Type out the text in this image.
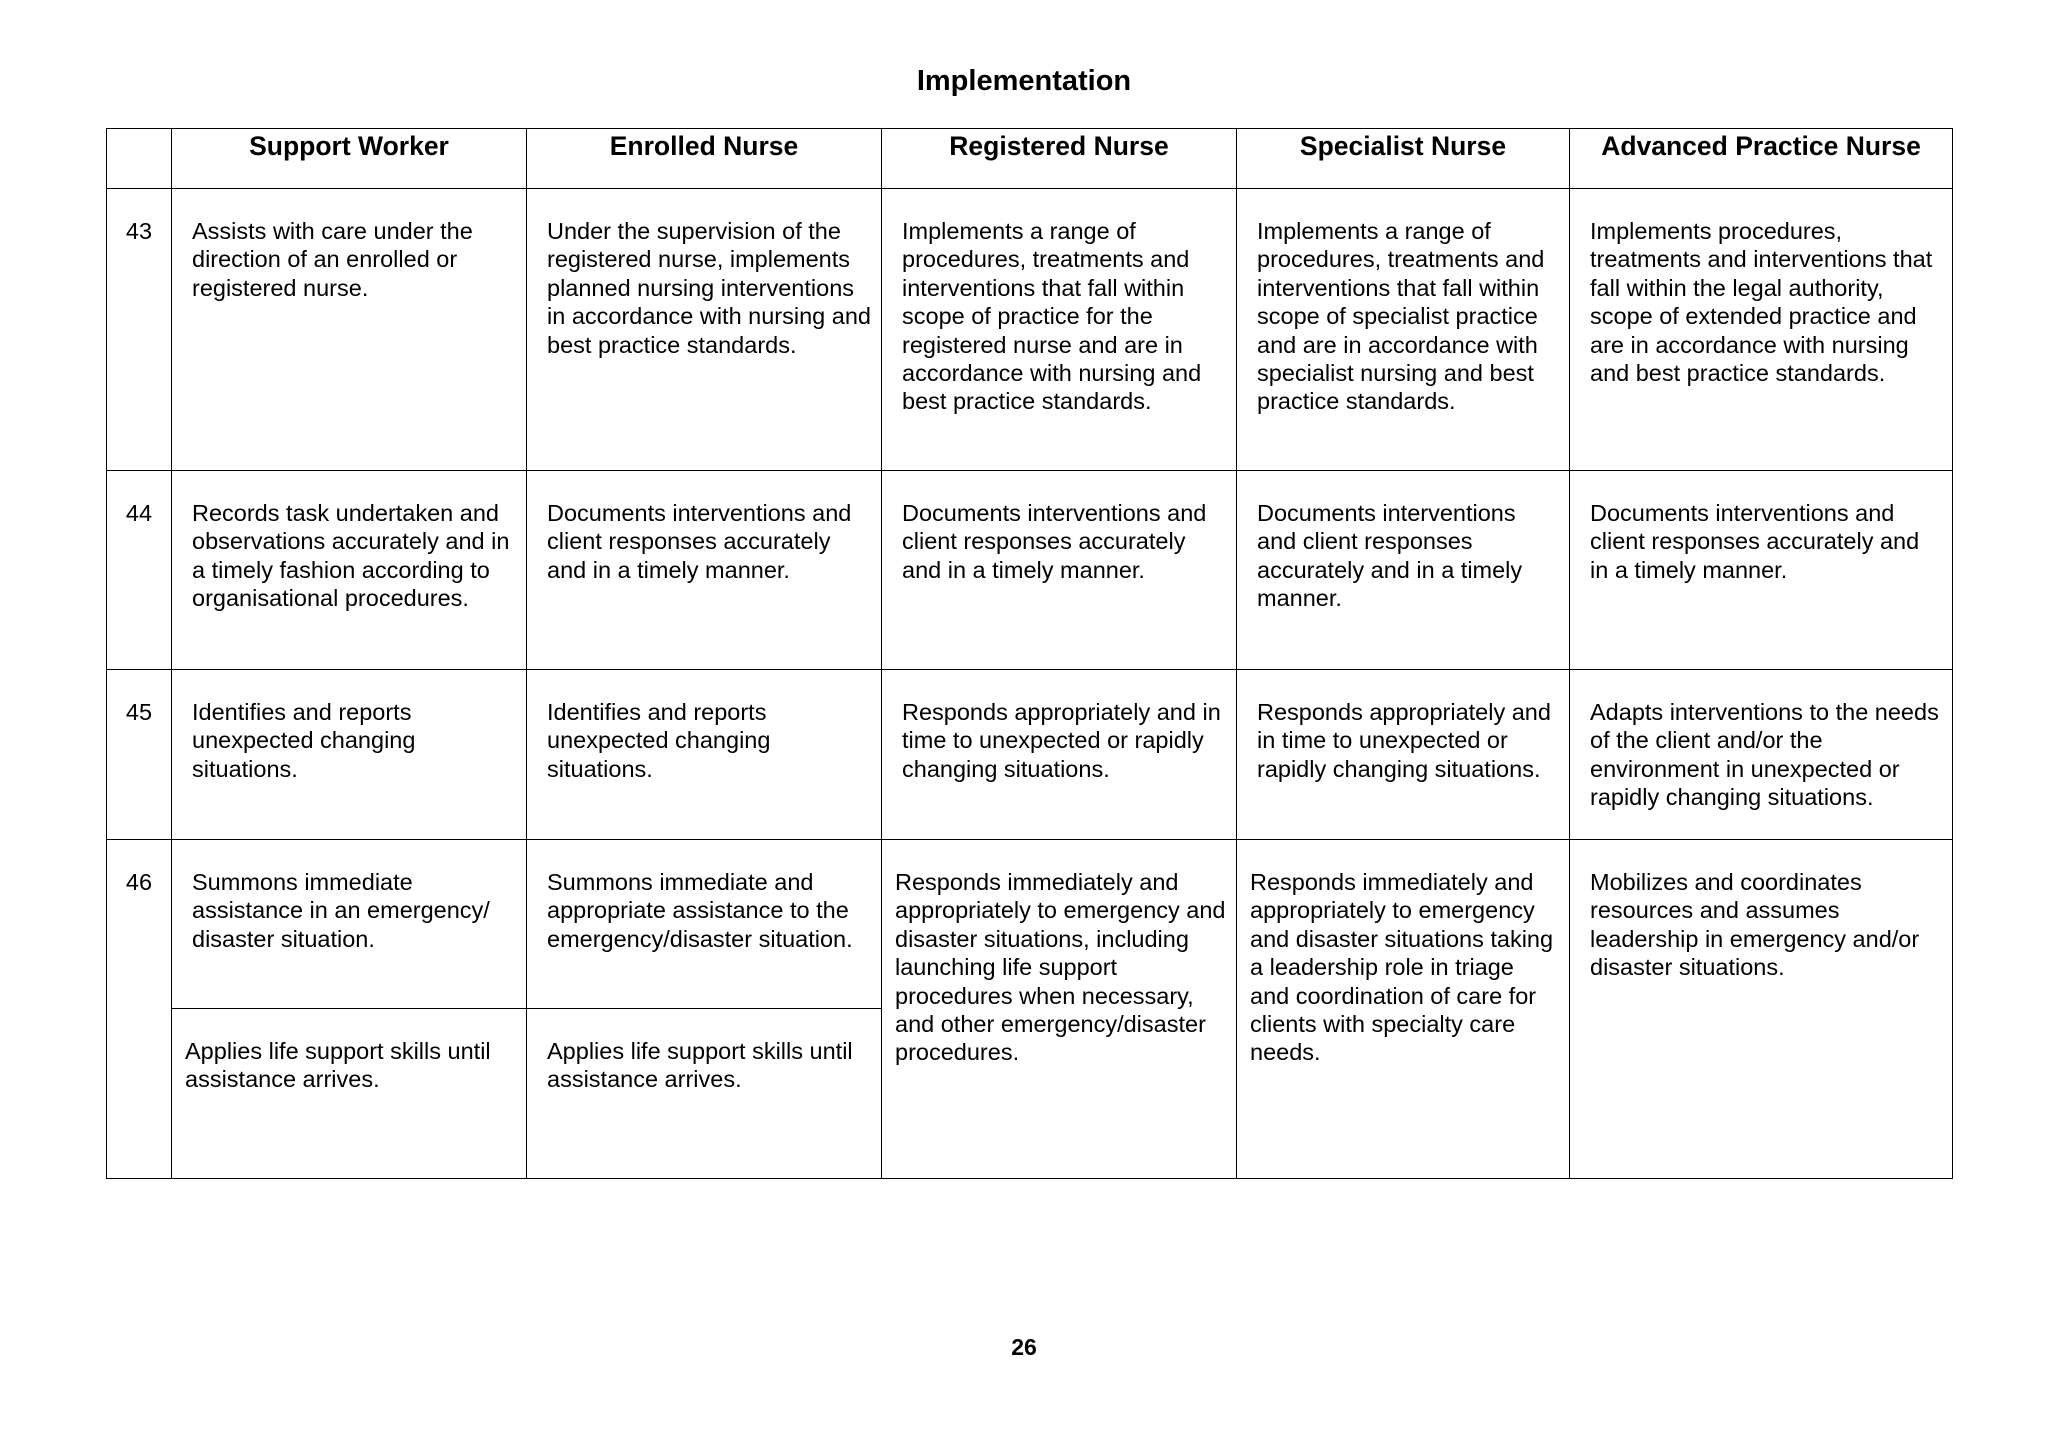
Implementation
	Support Worker	Enrolled Nurse	Registered Nurse	Specialist Nurse	Advanced Practice Nurse
43	Assists with care under the direction of an enrolled or registered nurse.	Under the supervision of the registered nurse, implements planned nursing interventions in accordance with nursing and best practice standards.	Implements a range of procedures, treatments and interventions that fall within scope of practice for the registered nurse and are in accordance with nursing and best practice standards.	Implements a range of procedures, treatments and interventions that fall within scope of specialist practice and are in accordance with specialist nursing and best practice standards.	Implements procedures, treatments and interventions that fall within the legal authority, scope of extended practice and are in accordance with nursing and best practice standards.
44	Records task undertaken and observations accurately and in a timely fashion according to organisational procedures.	Documents interventions and client responses accurately and in a timely manner.	Documents interventions and client responses accurately and in a timely manner.	Documents interventions and client responses accurately and in a timely manner.	Documents interventions and client responses accurately and in a timely manner.
45	Identifies and reports unexpected changing situations.	Identifies and reports unexpected changing situations.	Responds appropriately and in time to unexpected or rapidly changing situations.	Responds appropriately and in time to unexpected or rapidly changing situations.	Adapts interventions to the needs of the client and/or the environment in unexpected or rapidly changing situations.
46	Summons immediate assistance in an emergency/ disaster situation.	Summons immediate and appropriate assistance to the emergency/disaster situation.	Responds immediately and appropriately to emergency and disaster situations, including launching life support procedures when necessary, and other emergency/disaster procedures.	Responds immediately and appropriately to emergency and disaster situations taking a leadership role in triage and coordination of care for clients with specialty care needs.	Mobilizes and coordinates resources and assumes leadership in emergency and/or disaster situations.
	Applies life support skills until assistance arrives.	Applies life support skills until assistance arrives.			
26
